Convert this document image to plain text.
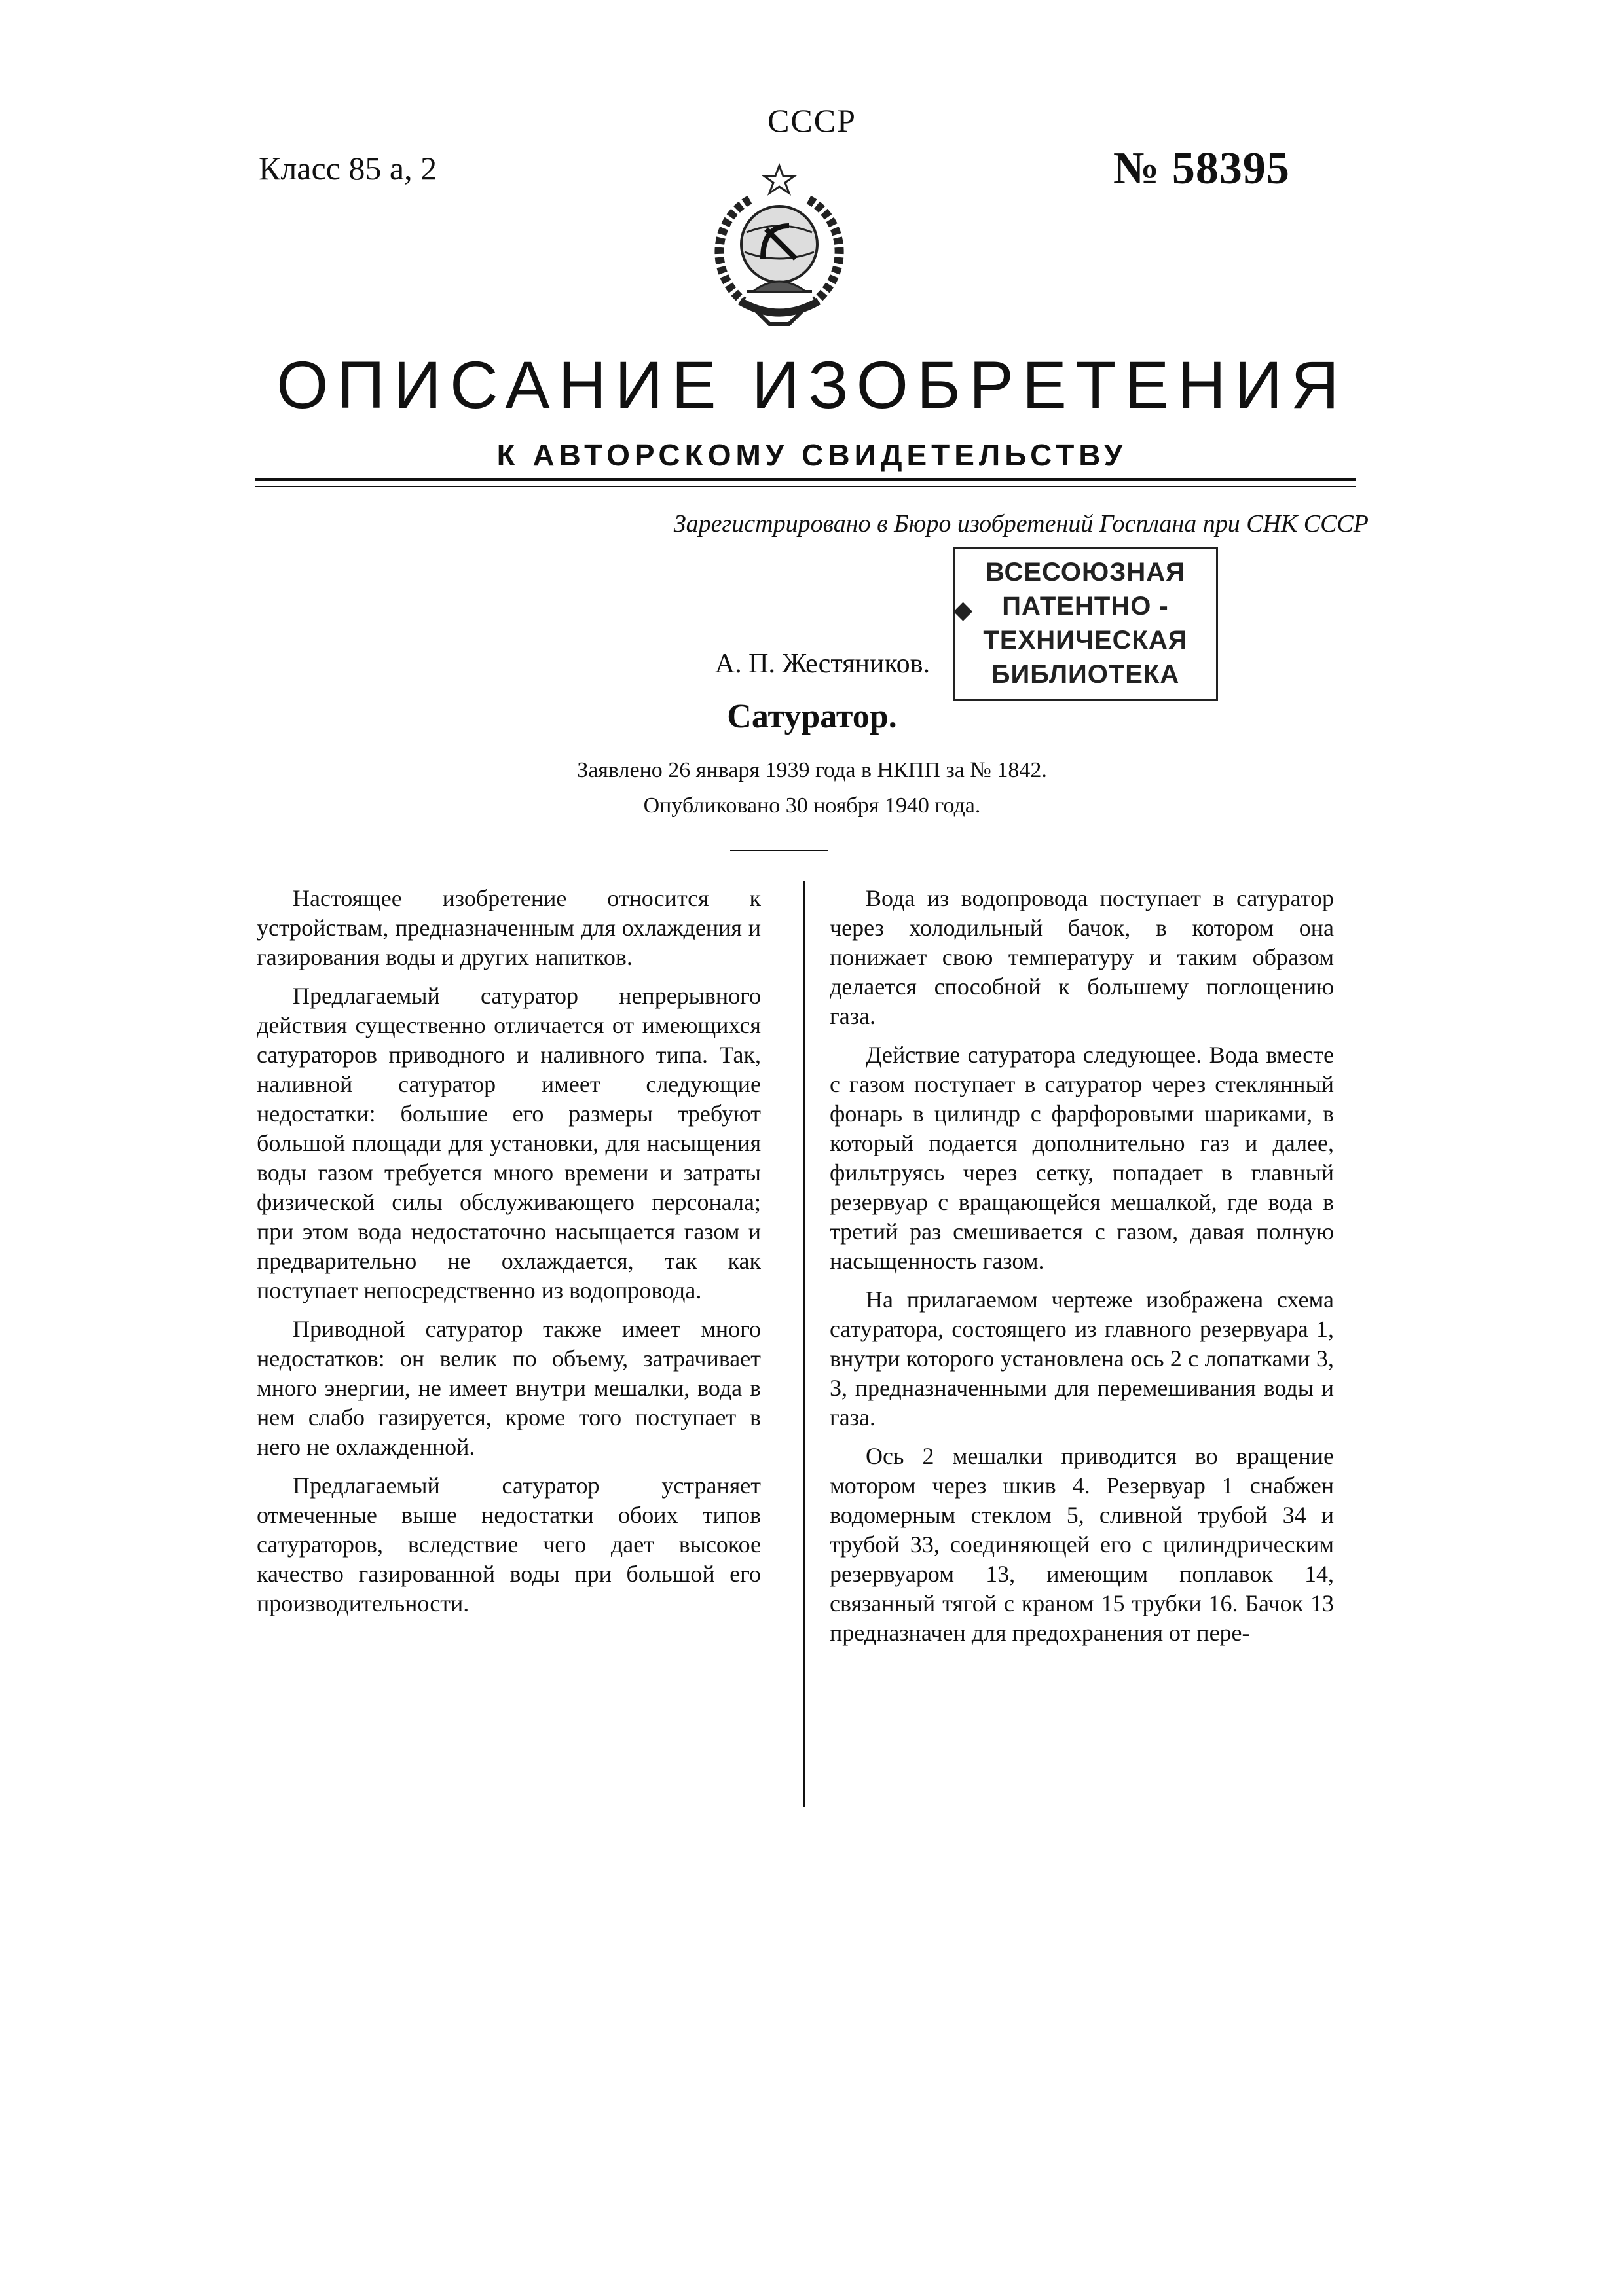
СССР
Класс 85 а, 2	№ 58395
ОПИСАНИЕ ИЗОБРЕТЕНИЯ
К АВТОРСКОМУ СВИДЕТЕЛЬСТВУ
Зарегистрировано в Бюро изобретений Госплана при СНК СССР
◆
ВСЕСОЮЗНАЯ
ПАТЕНТНО -
ТЕХНИЧЕСКАЯ
БИБЛИОТЕКА
А. П. Жестяников.
Сатуратор.
Заявлено 26 января 1939 года в НКПП за № 1842.
Опубликовано 30 ноября 1940 года.

Настоящее изобретение относится к устройствам, предназначенным для охлаждения и газирования воды и других напитков.

Предлагаемый сатуратор непрерывного действия существенно отличается от имеющихся сатураторов приводного и наливного типа. Так, наливной сатуратор имеет следующие недостатки: большие его размеры требуют большой площади для установки, для насыщения воды газом требуется много времени и затраты физической силы обслуживающего персонала; при этом вода недостаточно насыщается газом и предварительно не охлаждается, так как поступает непосредственно из водопровода.

Приводной сатуратор также имеет много недостатков: он велик по объему, затрачивает много энергии, не имеет внутри мешалки, вода в нем слабо газируется, кроме того поступает в него не охлажденной.

Предлагаемый сатуратор устраняет отмеченные выше недостатки обоих типов сатураторов, вследствие чего дает высокое качество газированной воды при большой его производительности.

Вода из водопровода поступает в сатуратор через холодильный бачок, в котором она понижает свою температуру и таким образом делается способной к большему поглощению газа.

Действие сатуратора следующее. Вода вместе с газом поступает в сатуратор через стеклянный фонарь в цилиндр с фарфоровыми шариками, в который подается дополнительно газ и далее, фильтруясь через сетку, попадает в главный резервуар с вращающейся мешалкой, где вода в третий раз смешивается с газом, давая полную насыщенность газом.

На прилагаемом чертеже изображена схема сатуратора, состоящего из главного резервуара 1, внутри которого установлена ось 2 с лопатками 3, 3, предназначенными для перемешивания воды и газа.

Ось 2 мешалки приводится во вращение мотором через шкив 4. Резервуар 1 снабжен водомерным стеклом 5, сливной трубой 34 и трубой 33, соединяющей его с цилиндрическим резервуаром 13, имеющим поплавок 14, связанный тягой с краном 15 трубки 16. Бачок 13 предназначен для предохранения от пере-
